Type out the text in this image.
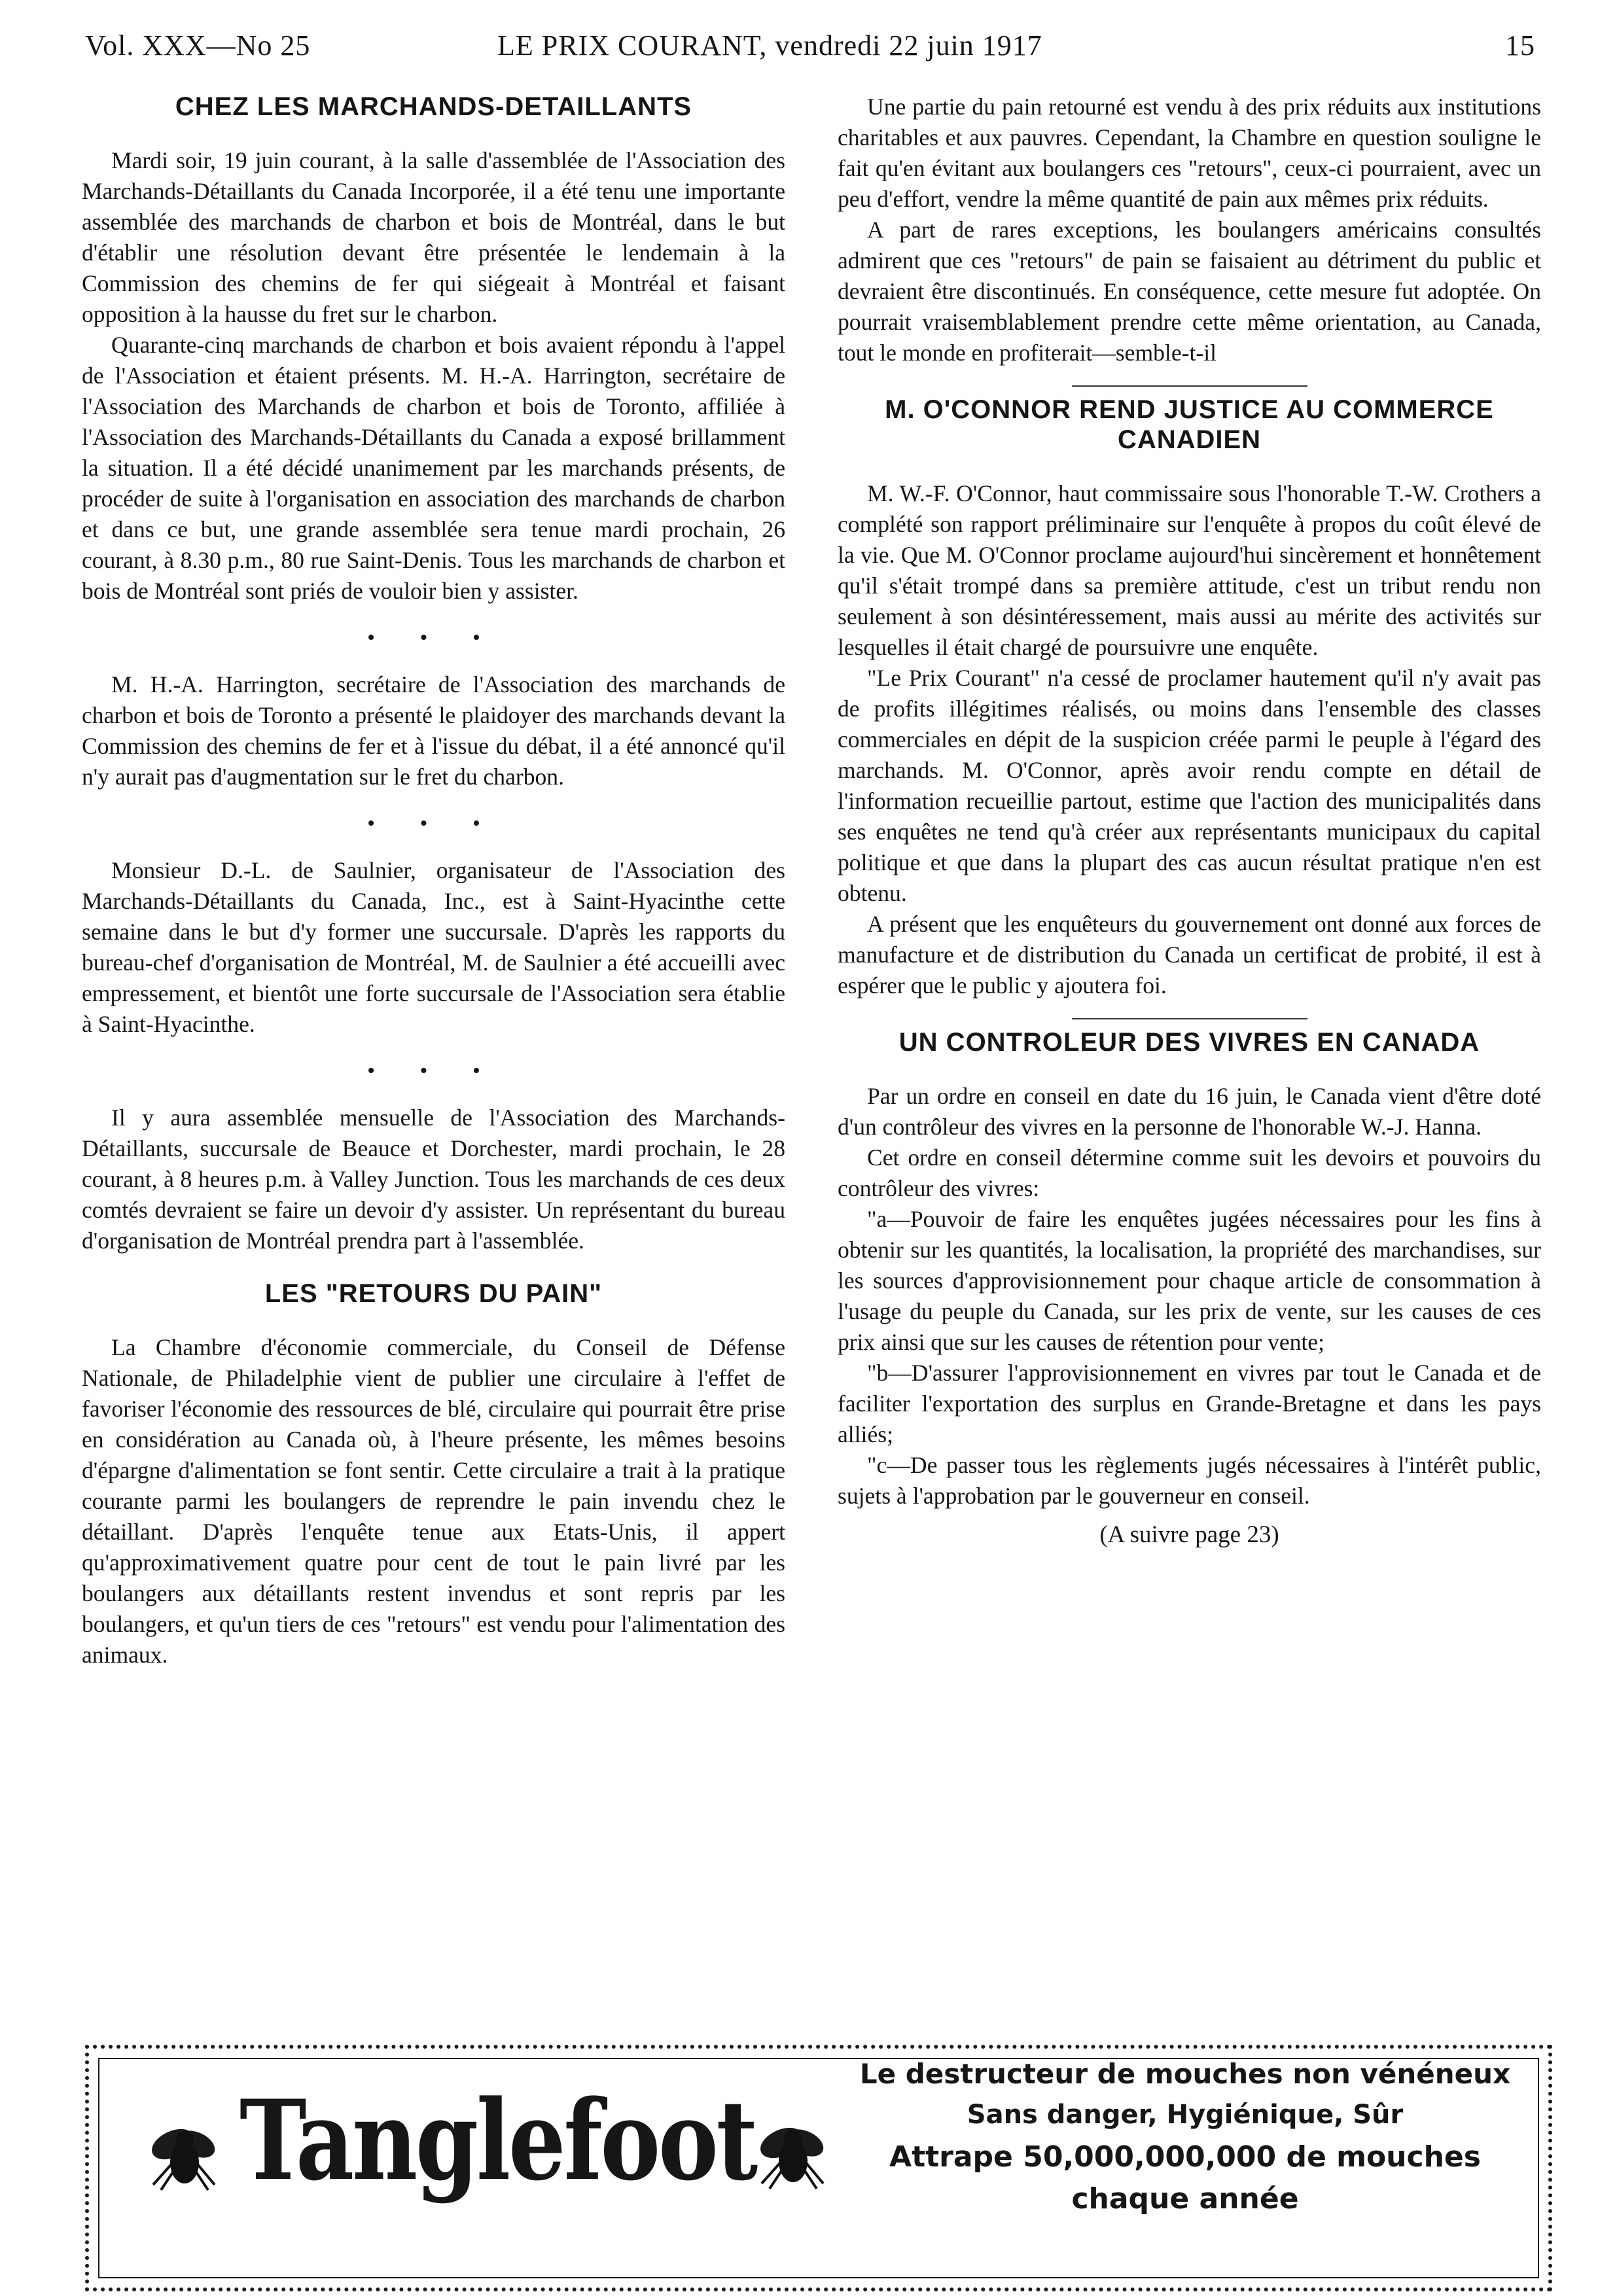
Vol. XXX—No 25	LE PRIX COURANT, vendredi 22 juin 1917	15
CHEZ LES MARCHANDS-DETAILLANTS

Mardi soir, 19 juin courant, à la salle d'assemblée de l'Association des Marchands-Détaillants du Canada Incorporée, il a été tenu une importante assemblée des marchands de charbon et bois de Montréal, dans le but d'établir une résolution devant être présentée le lendemain à la Commission des chemins de fer qui siégeait à Montréal et faisant opposition à la hausse du fret sur le charbon.

Quarante-cinq marchands de charbon et bois avaient répondu à l'appel de l'Association et étaient présents. M. H.-A. Harrington, secrétaire de l'Association des Marchands de charbon et bois de Toronto, affiliée à l'Association des Marchands-Détaillants du Canada a exposé brillamment la situation. Il a été décidé unanimement par les marchands présents, de procéder de suite à l'organisation en association des marchands de charbon et dans ce but, une grande assemblée sera tenue mardi prochain, 26 courant, à 8.30 p.m., 80 rue Saint-Denis. Tous les marchands de charbon et bois de Montréal sont priés de vouloir bien y assister.

• • •

M. H.-A. Harrington, secrétaire de l'Association des marchands de charbon et bois de Toronto a présenté le plaidoyer des marchands devant la Commission des chemins de fer et à l'issue du débat, il a été annoncé qu'il n'y aurait pas d'augmentation sur le fret du charbon.

• • •

Monsieur D.-L. de Saulnier, organisateur de l'Association des Marchands-Détaillants du Canada, Inc., est à Saint-Hyacinthe cette semaine dans le but d'y former une succursale. D'après les rapports du bureau-chef d'organisation de Montréal, M. de Saulnier a été accueilli avec empressement, et bientôt une forte succursale de l'Association sera établie à Saint-Hyacinthe.

• • •

Il y aura assemblée mensuelle de l'Association des Marchands-Détaillants, succursale de Beauce et Dorchester, mardi prochain, le 28 courant, à 8 heures p.m. à Valley Junction. Tous les marchands de ces deux comtés devraient se faire un devoir d'y assister. Un représentant du bureau d'organisation de Montréal prendra part à l'assemblée.

LES "RETOURS DU PAIN"

La Chambre d'économie commerciale, du Conseil de Défense Nationale, de Philadelphie vient de publier une circulaire à l'effet de favoriser l'économie des ressources de blé, circulaire qui pourrait être prise en considération au Canada où, à l'heure présente, les mêmes besoins d'épargne d'alimentation se font sentir. Cette circulaire a trait à la pratique courante parmi les boulangers de reprendre le pain invendu chez le détaillant. D'après l'enquête tenue aux Etats-Unis, il appert qu'approximativement quatre pour cent de tout le pain livré par les boulangers aux détaillants restent invendus et sont repris par les boulangers, et qu'un tiers de ces "retours" est vendu pour l'alimentation des animaux.

Une partie du pain retourné est vendu à des prix réduits aux institutions charitables et aux pauvres. Cependant, la Chambre en question souligne le fait qu'en évitant aux boulangers ces "retours", ceux-ci pourraient, avec un peu d'effort, vendre la même quantité de pain aux mêmes prix réduits.

A part de rares exceptions, les boulangers américains consultés admirent que ces "retours" de pain se faisaient au détriment du public et devraient être discontinués. En conséquence, cette mesure fut adoptée. On pourrait vraisemblablement prendre cette même orientation, au Canada, tout le monde en profiterait—semble-t-il

M. O'CONNOR REND JUSTICE AU COMMERCE CANADIEN

M. W.-F. O'Connor, haut commissaire sous l'honorable T.-W. Crothers a complété son rapport préliminaire sur l'enquête à propos du coût élevé de la vie. Que M. O'Connor proclame aujourd'hui sincèrement et honnêtement qu'il s'était trompé dans sa première attitude, c'est un tribut rendu non seulement à son désintéressement, mais aussi au mérite des activités sur lesquelles il était chargé de poursuivre une enquête.

"Le Prix Courant" n'a cessé de proclamer hautement qu'il n'y avait pas de profits illégitimes réalisés, ou moins dans l'ensemble des classes commerciales en dépit de la suspicion créée parmi le peuple à l'égard des marchands. M. O'Connor, après avoir rendu compte en détail de l'information recueillie partout, estime que l'action des municipalités dans ses enquêtes ne tend qu'à créer aux représentants municipaux du capital politique et que dans la plupart des cas aucun résultat pratique n'en est obtenu.

A présent que les enquêteurs du gouvernement ont donné aux forces de manufacture et de distribution du Canada un certificat de probité, il est à espérer que le public y ajoutera foi.

UN CONTROLEUR DES VIVRES EN CANADA

Par un ordre en conseil en date du 16 juin, le Canada vient d'être doté d'un contrôleur des vivres en la personne de l'honorable W.-J. Hanna.

Cet ordre en conseil détermine comme suit les devoirs et pouvoirs du contrôleur des vivres:

"a—Pouvoir de faire les enquêtes jugées nécessaires pour les fins à obtenir sur les quantités, la localisation, la propriété des marchandises, sur les sources d'approvisionnement pour chaque article de consommation à l'usage du peuple du Canada, sur les prix de vente, sur les causes de ces prix ainsi que sur les causes de rétention pour vente;

"b—D'assurer l'approvisionnement en vivres par tout le Canada et de faciliter l'exportation des surplus en Grande-Bretagne et dans les pays alliés;

"c—De passer tous les règlements jugés nécessaires à l'intérêt public, sujets à l'approbation par le gouverneur en conseil.

(A suivre page 23)
Tanglefoot
Le destructeur de mouches non vénéneux
Sans danger, Hygiénique, Sûr
Attrape 50,000,000,000 de mouches
chaque année
